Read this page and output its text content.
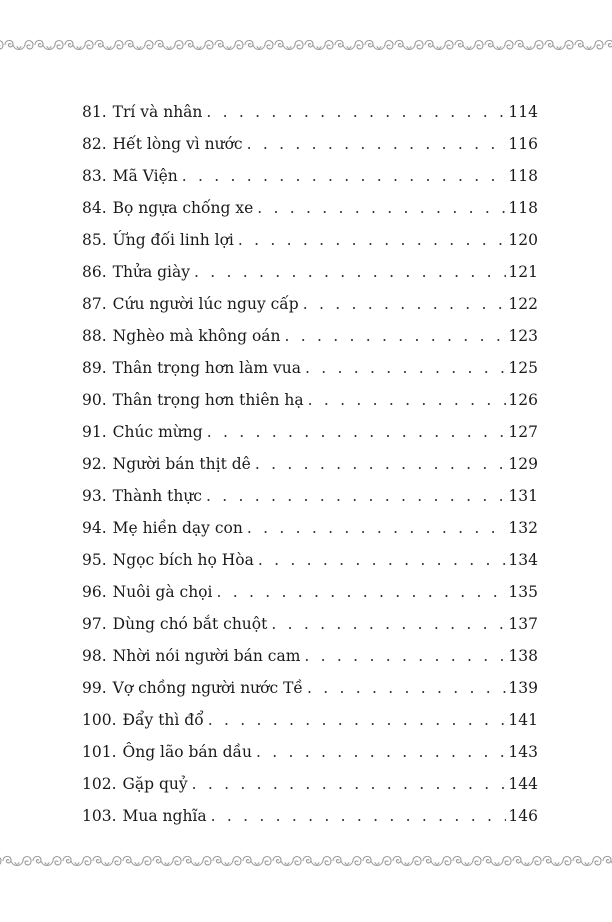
81. Trí và nhân . . .	114
82. Hết lòng vì nước . . .	116
83. Mã Viện . . .	118
84. Bọ ngựa chống xe . . .	118
85. Ứng đối linh lợi . . .	120
86. Thửa giày . . .	121
87. Cứu người lúc nguy cấp . . .	122
88. Nghèo mà không oán . . .	123
89. Thân trọng hơn làm vua . . .	125
90. Thân trọng hơn thiên hạ . . .	126
91. Chúc mừng . . .	127
92. Người bán thịt dê . . .	129
93. Thành thực . . .	131
94. Mẹ hiền dạy con . . .	132
95. Ngọc bích họ Hòa . . .	134
96. Nuôi gà chọi . . .	135
97. Dùng chó bắt chuột . . .	137
98. Nhời nói người bán cam . . .	138
99. Vợ chồng người nước Tề . . .	139
100. Đẩy thì đổ . . .	141
101. Ông lão bán dầu . . .	143
102. Gặp quỷ . . .	144
103. Mua nghĩa . . .	146
